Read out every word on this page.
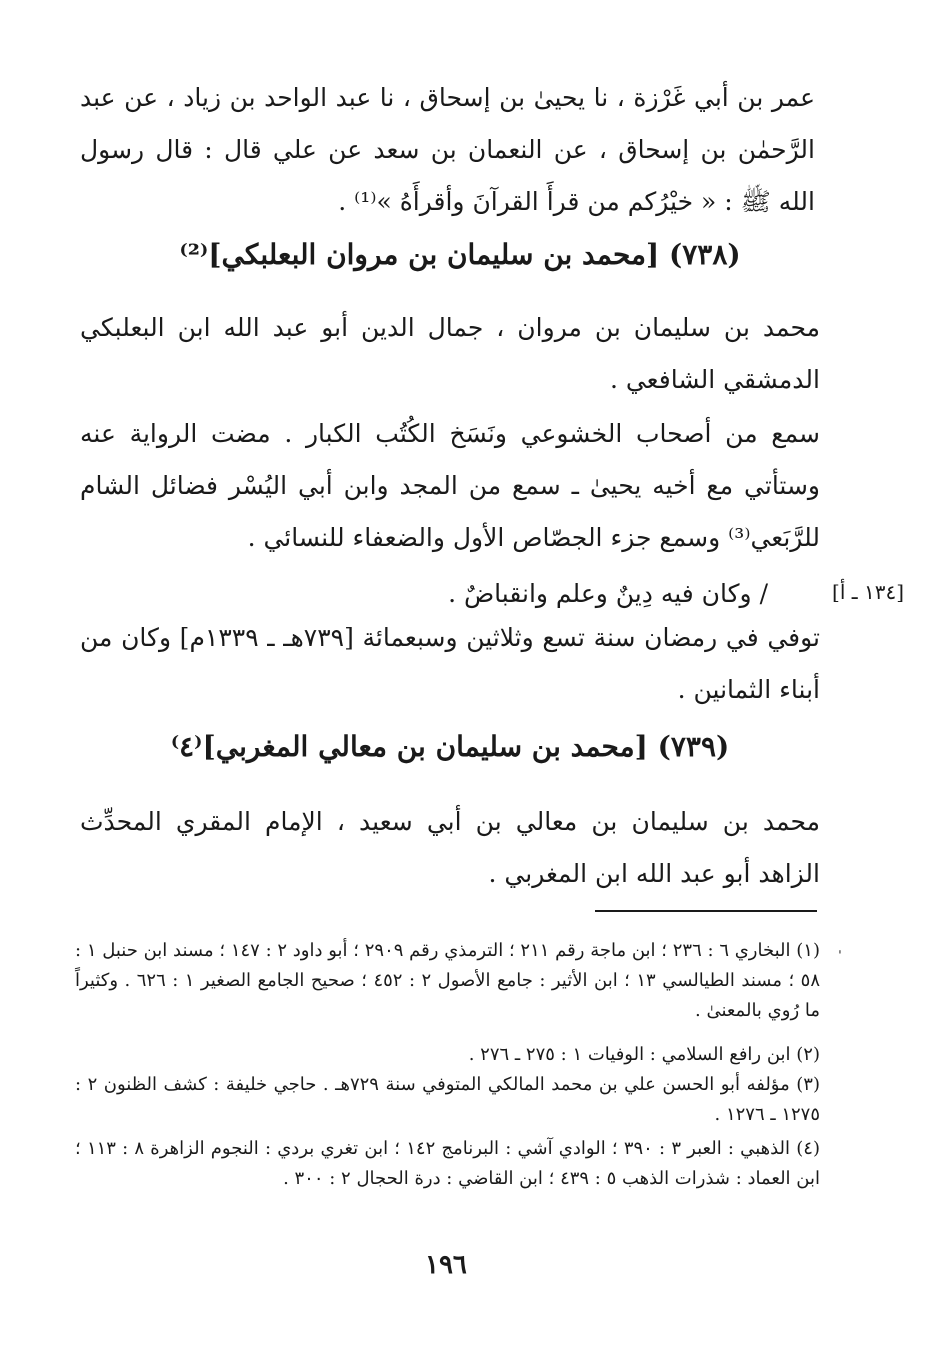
عمر بن أبي غَرْزة ، نا يحيىٰ بن إسحاق ، نا عبد الواحد بن زياد ، عن عبد الرَّحمٰن بن إسحاق ، عن النعمان بن سعد عن علي قال : قال رسول الله ﷺ : « خيْرُكم من قرأَ القرآنَ وأقرأَهُ »⁽¹⁾ .

(٧٣٨) [محمد بن سليمان بن مروان البعلبكي]⁽²⁾

محمد بن سليمان بن مروان ، جمال الدين أبو عبد الله ابن البعلبكي الدمشقي الشافعي .

سمع من أصحاب الخشوعي ونَسَخ الكُتُب الكبار . مضت الرواية عنه وستأتي مع أخيه يحيىٰ ـ سمع من المجد وابن أبي اليُسْر فضائل الشام للرَّبَعي⁽³⁾ وسمع جزء الجصّاص الأول والضعفاء للنسائي .

/ وكان فيه دِينٌ وعلم وانقباضٌ .	[١٣٤ ـ أ]

توفي في رمضان سنة تسع وثلاثين وسبعمائة [٧٣٩هـ ـ ١٣٣٩م] وكان من أبناء الثمانين .

(٧٣٩) [محمد بن سليمان بن معالي المغربي]⁽٤⁾

محمد بن سليمان بن معالي بن أبي سعيد ، الإمام المقري المحدِّث الزاهد أبو عبد الله ابن المغربي .

ˌ

(١) البخاري ٦ : ٢٣٦ ؛ ابن ماجة رقم ٢١١ ؛ الترمذي رقم ٢٩٠٩ ؛ أبو داود ٢ : ١٤٧ ؛ مسند ابن حنبل ١ : ٥٨ ؛ مسند الطيالسي ١٣ ؛ ابن الأثير : جامع الأصول ٢ : ٤٥٢ ؛ صحيح الجامع الصغير ١ : ٦٢٦ . وكثيراً ما رُوي بالمعنىٰ .

(٢) ابن رافع السلامي : الوفيات ١ : ٢٧٥ ـ ٢٧٦ .

(٣) مؤلفه أبو الحسن علي بن محمد المالكي المتوفي سنة ٧٢٩هـ . حاجي خليفة : كشف الظنون ٢ : ١٢٧٥ ـ ١٢٧٦ .

(٤) الذهبي : العبر ٣ : ٣٩٠ ؛ الوادي آشي : البرنامج ١٤٢ ؛ ابن تغري بردي : النجوم الزاهرة ٨ : ١١٣ ؛ ابن العماد : شذرات الذهب ٥ : ٤٣٩ ؛ ابن القاضي : درة الحجال ٢ : ٣٠٠ .

١٩٦
